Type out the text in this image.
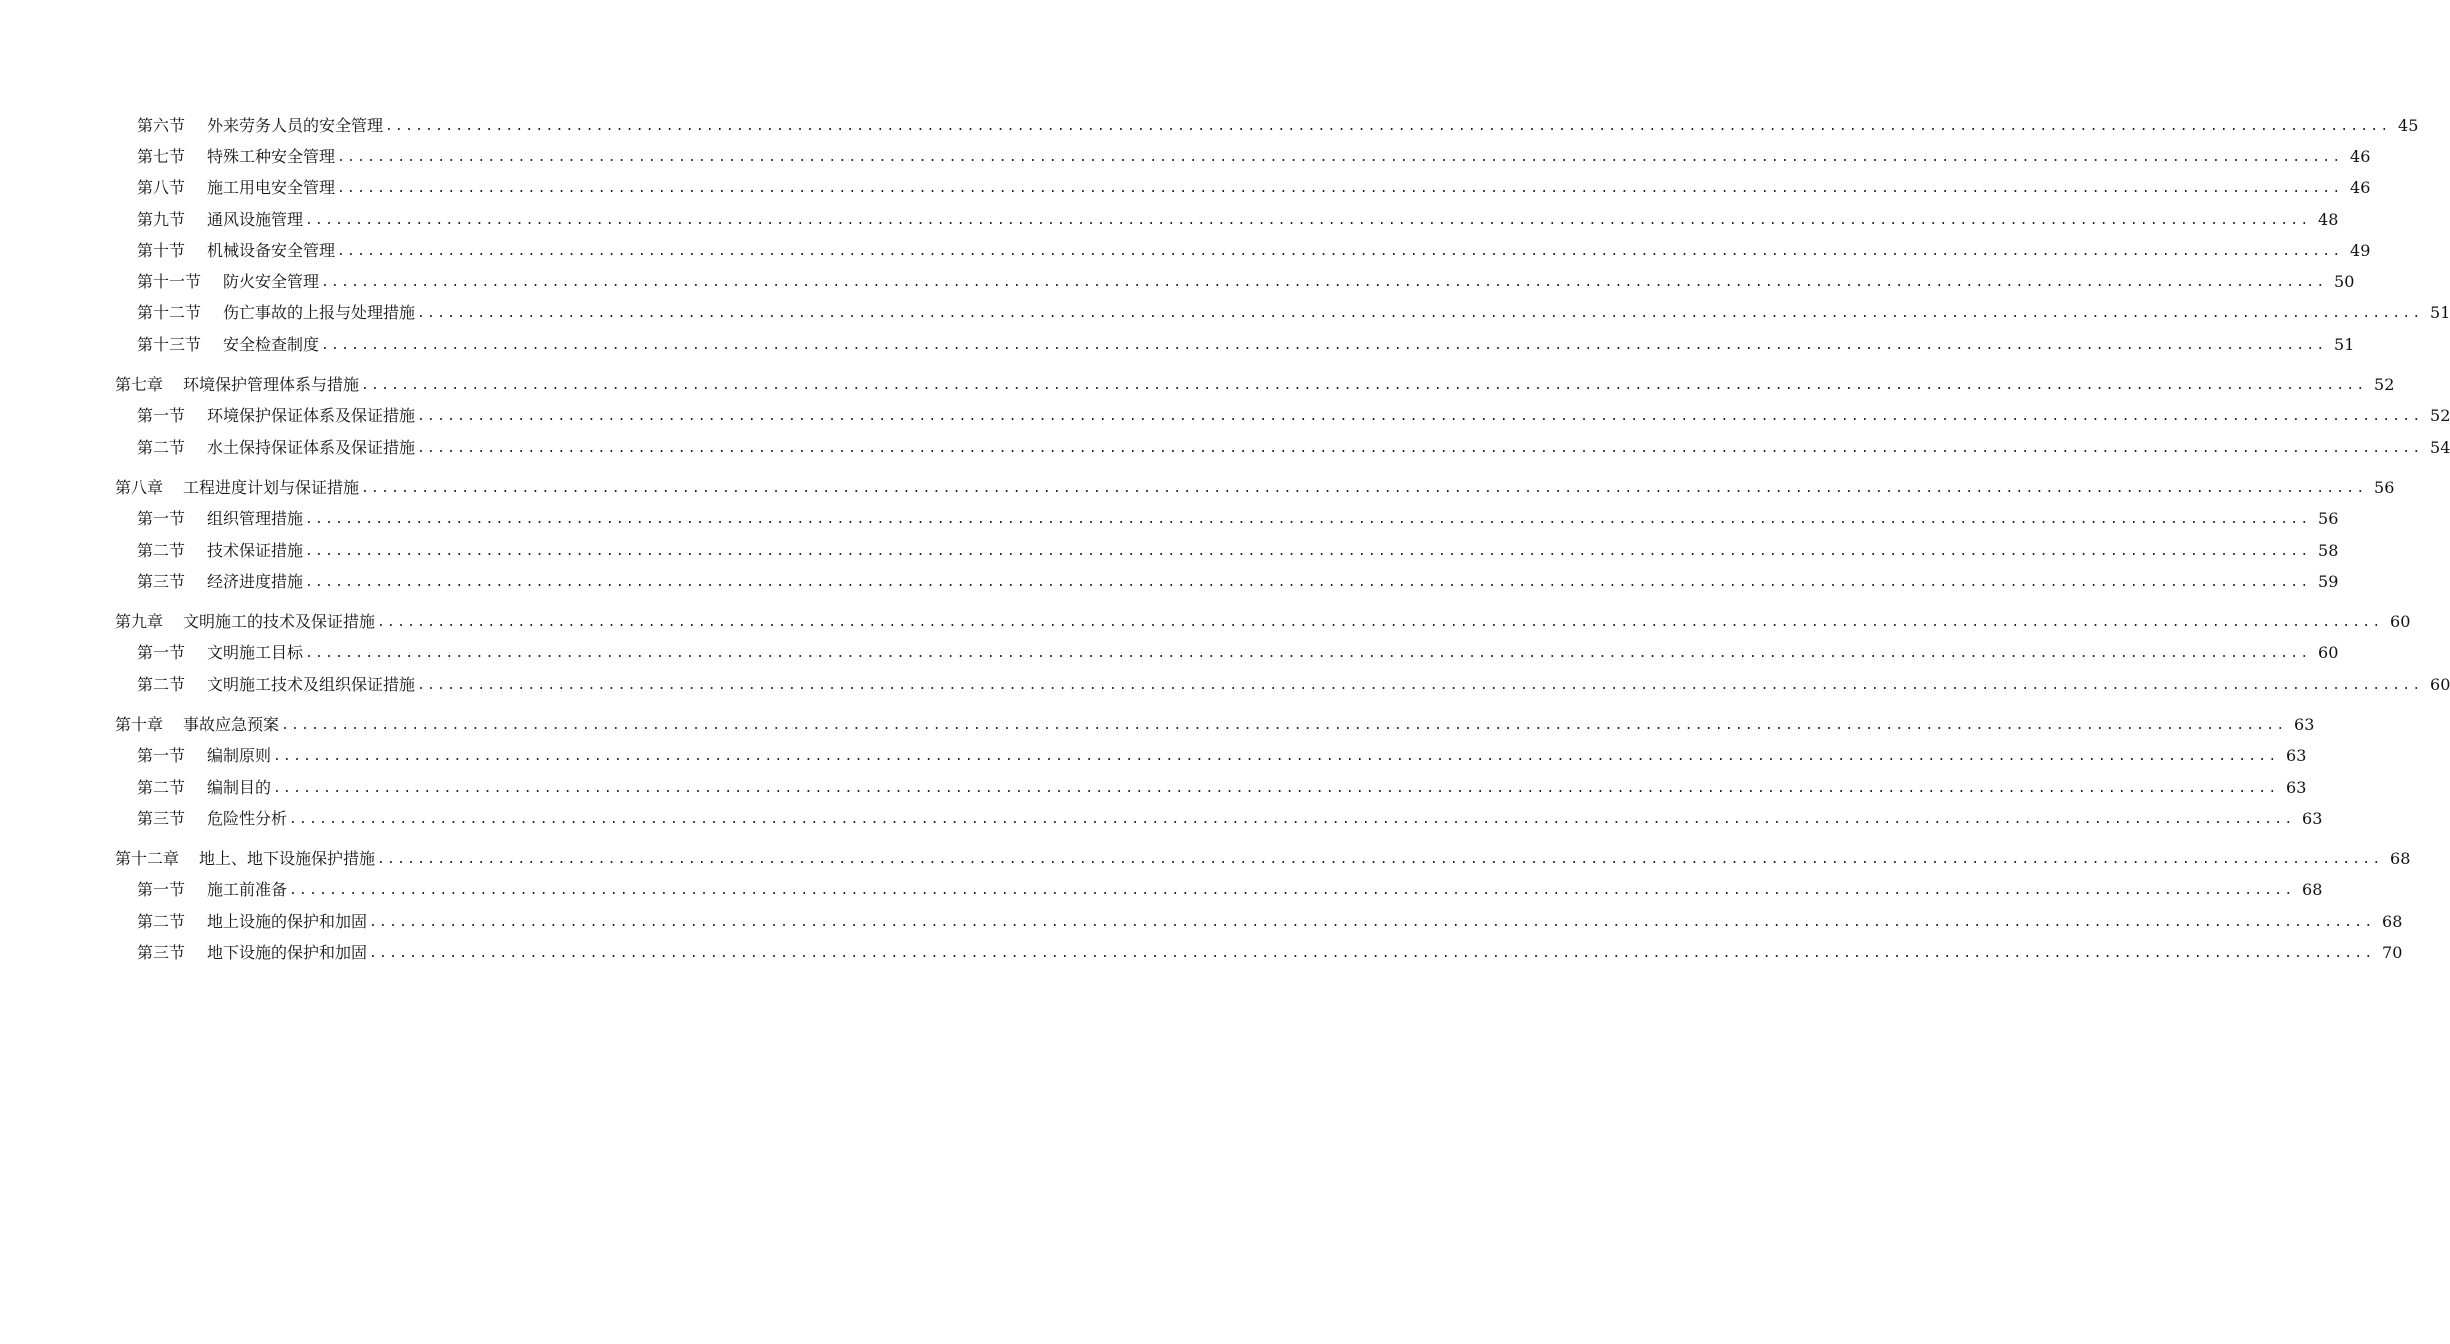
第六节 外来劳务人员的安全管理 ........................................................................................................................................................................................................ 45
第七节 特殊工种安全管理 ........................................................................................................................................................................................................ 46
第八节 施工用电安全管理 ........................................................................................................................................................................................................ 46
第九节 通风设施管理 ........................................................................................................................................................................................................ 48
第十节 机械设备安全管理 ........................................................................................................................................................................................................ 49
第十一节 防火安全管理 ........................................................................................................................................................................................................ 50
第十二节 伤亡事故的上报与处理措施 ........................................................................................................................................................................................................ 51
第十三节 安全检查制度 ........................................................................................................................................................................................................ 51
第七章 环境保护管理体系与措施 ........................................................................................................................................................................................................ 52
第一节 环境保护保证体系及保证措施 ........................................................................................................................................................................................................ 52
第二节 水土保持保证体系及保证措施 ........................................................................................................................................................................................................ 54
第八章 工程进度计划与保证措施 ........................................................................................................................................................................................................ 56
第一节 组织管理措施 ........................................................................................................................................................................................................ 56
第二节 技术保证措施 ........................................................................................................................................................................................................ 58
第三节 经济进度措施 ........................................................................................................................................................................................................ 59
第九章 文明施工的技术及保证措施 ........................................................................................................................................................................................................ 60
第一节 文明施工目标 ........................................................................................................................................................................................................ 60
第二节 文明施工技术及组织保证措施 ........................................................................................................................................................................................................ 60
第十章 事故应急预案 ........................................................................................................................................................................................................ 63
第一节 编制原则 ........................................................................................................................................................................................................ 63
第二节 编制目的 ........................................................................................................................................................................................................ 63
第三节 危险性分析 ........................................................................................................................................................................................................ 63
第十二章 地上、地下设施保护措施 ........................................................................................................................................................................................................ 68
第一节 施工前准备 ........................................................................................................................................................................................................ 68
第二节 地上设施的保护和加固 ........................................................................................................................................................................................................ 68
第三节 地下设施的保护和加固 ........................................................................................................................................................................................................ 70
